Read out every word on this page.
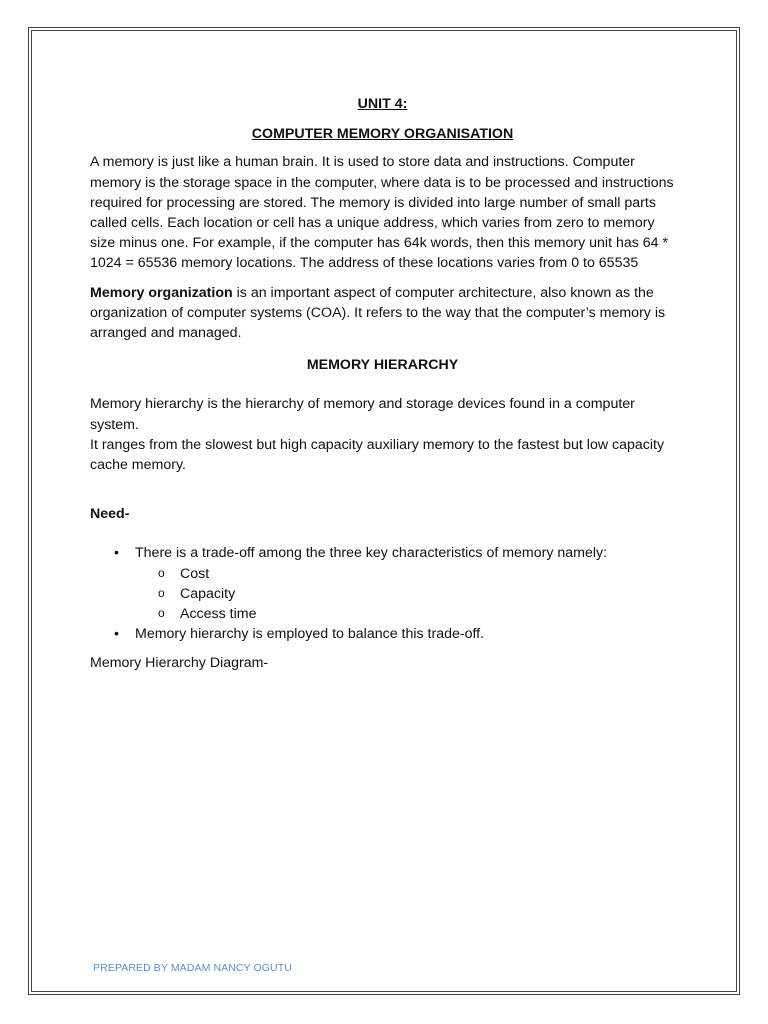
UNIT 4:

COMPUTER MEMORY ORGANISATION

A memory is just like a human brain. It is used to store data and instructions. Computer memory is the storage space in the computer, where data is to be processed and instructions required for processing are stored. The memory is divided into large number of small parts called cells. Each location or cell has a unique address, which varies from zero to memory size minus one. For example, if the computer has 64k words, then this memory unit has 64 * 1024 = 65536 memory locations. The address of these locations varies from 0 to 65535

Memory organization is an important aspect of computer architecture, also known as the organization of computer systems (COA). It refers to the way that the computer’s memory is arranged and managed.

MEMORY HIERARCHY

Memory hierarchy is the hierarchy of memory and storage devices found in a computer system.

It ranges from the slowest but high capacity auxiliary memory to the fastest but low capacity cache memory.

Need-

• There is a trade-off among the three key characteristics of memory namely:
o Cost
o Capacity
o Access time
• Memory hierarchy is employed to balance this trade-off.

Memory Hierarchy Diagram-

PREPARED BY MADAM NANCY OGUTU
